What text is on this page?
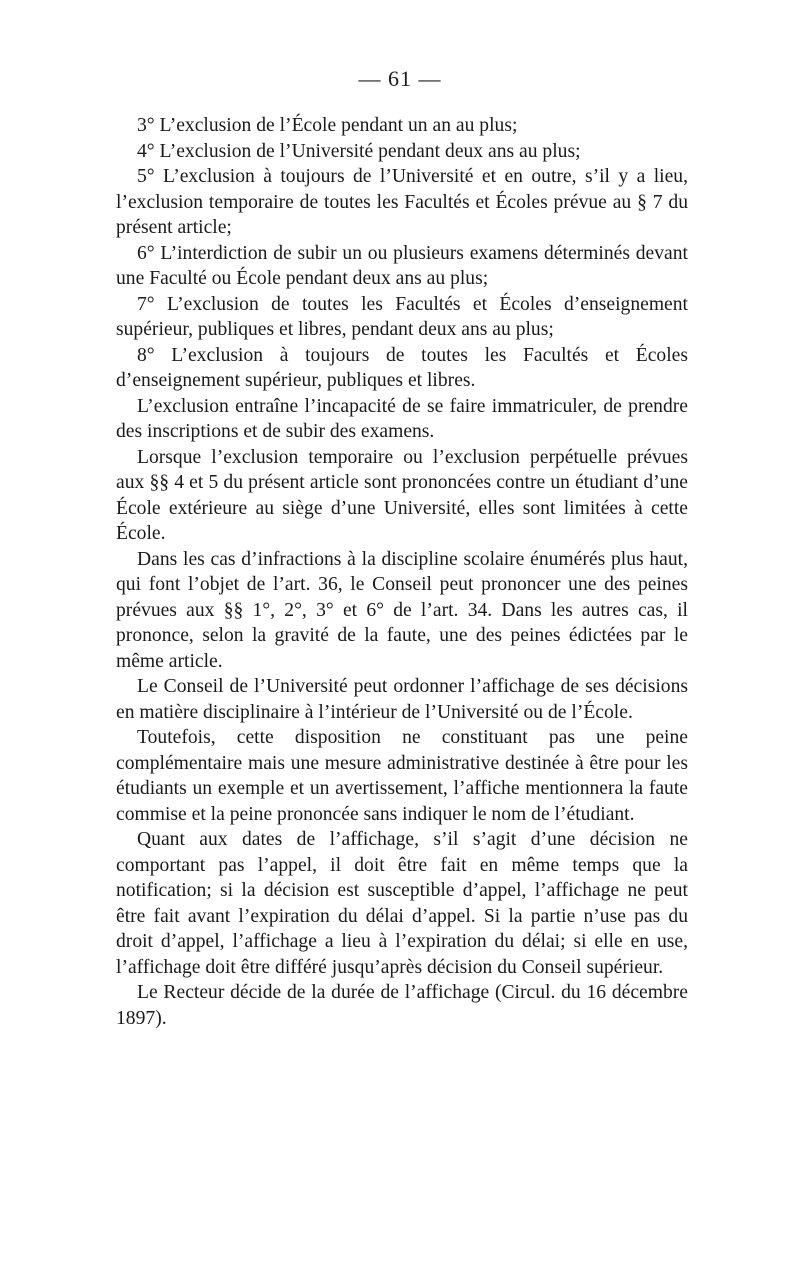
— 61 —

3° L’exclusion de l’École pendant un an au plus;

4° L’exclusion de l’Université pendant deux ans au plus;

5° L’exclusion à toujours de l’Université et en outre, s’il y a lieu, l’exclusion temporaire de toutes les Facultés et Écoles prévue au § 7 du présent article;

6° L’interdiction de subir un ou plusieurs examens déterminés devant une Faculté ou École pendant deux ans au plus;

7° L’exclusion de toutes les Facultés et Écoles d’enseignement supérieur, publiques et libres, pendant deux ans au plus;

8° L’exclusion à toujours de toutes les Facultés et Écoles d’enseignement supérieur, publiques et libres.

L’exclusion entraîne l’incapacité de se faire immatriculer, de prendre des inscriptions et de subir des examens.

Lorsque l’exclusion temporaire ou l’exclusion perpétuelle prévues aux §§ 4 et 5 du présent article sont prononcées contre un étudiant d’une École extérieure au siège d’une Université, elles sont limitées à cette École.

Dans les cas d’infractions à la discipline scolaire énumérés plus haut, qui font l’objet de l’art. 36, le Conseil peut prononcer une des peines prévues aux §§ 1°, 2°, 3° et 6° de l’art. 34. Dans les autres cas, il prononce, selon la gravité de la faute, une des peines édictées par le même article.

Le Conseil de l’Université peut ordonner l’affichage de ses décisions en matière disciplinaire à l’intérieur de l’Université ou de l’École.

Toutefois, cette disposition ne constituant pas une peine complémentaire mais une mesure administrative destinée à être pour les étudiants un exemple et un avertissement, l’affiche mentionnera la faute commise et la peine prononcée sans indiquer le nom de l’étudiant.

Quant aux dates de l’affichage, s’il s’agit d’une décision ne comportant pas l’appel, il doit être fait en même temps que la notification; si la décision est susceptible d’appel, l’affichage ne peut être fait avant l’expiration du délai d’appel. Si la partie n’use pas du droit d’appel, l’affichage a lieu à l’expiration du délai; si elle en use, l’affichage doit être différé jusqu’après décision du Conseil supérieur.

Le Recteur décide de la durée de l’affichage (Circul. du 16 décembre 1897).
